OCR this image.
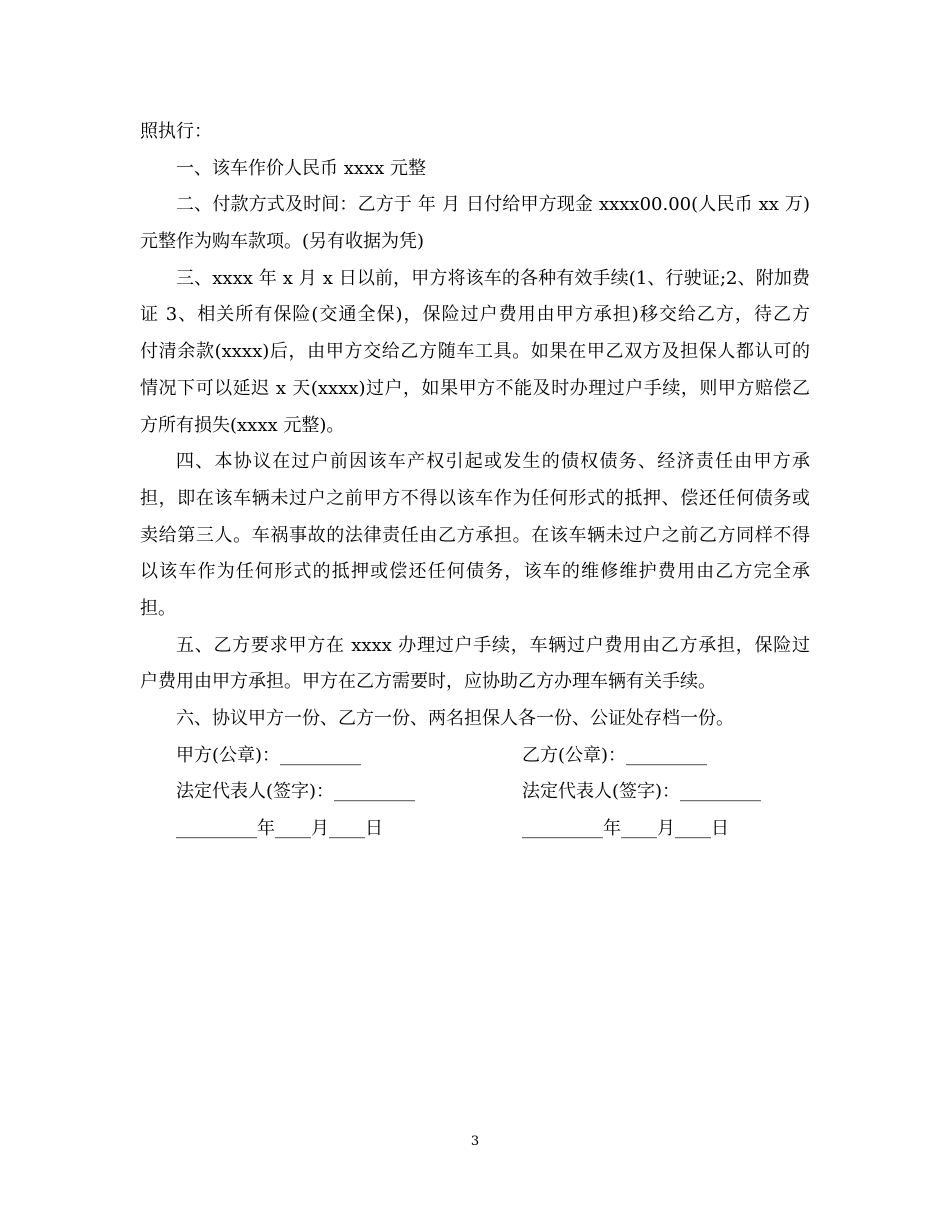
照执行：
一、该车作价人民币 xxxx 元整
二、付款方式及时间：乙方于 年 月 日付给甲方现金 xxxx00.00(人民币 xx 万)
元整作为购车款项。(另有收据为凭)
三、xxxx 年 x 月 x 日以前，甲方将该车的各种有效手续(1、行驶证;2、附加费
证 3、相关所有保险(交通全保)，保险过户费用由甲方承担)移交给乙方，待乙方
付清余款(xxxx)后，由甲方交给乙方随车工具。如果在甲乙双方及担保人都认可的
情况下可以延迟 x 天(xxxx)过户，如果甲方不能及时办理过户手续，则甲方赔偿乙
方所有损失(xxxx 元整)。
四、本协议在过户前因该车产权引起或发生的债权债务、经济责任由甲方承
担，即在该车辆未过户之前甲方不得以该车作为任何形式的抵押、偿还任何债务或
卖给第三人。车祸事故的法律责任由乙方承担。在该车辆未过户之前乙方同样不得
以该车作为任何形式的抵押或偿还任何债务，该车的维修维护费用由乙方完全承
担。
五、乙方要求甲方在 xxxx 办理过户手续，车辆过户费用由乙方承担，保险过
户费用由甲方承担。甲方在乙方需要时，应协助乙方办理车辆有关手续。
六、协议甲方一份、乙方一份、两名担保人各一份、公证处存档一份。
甲方(公章)：_________	乙方(公章)：_________
法定代表人(签字)：_________	法定代表人(签字)：_________
_________年____月____日	_________年____月____日
3
